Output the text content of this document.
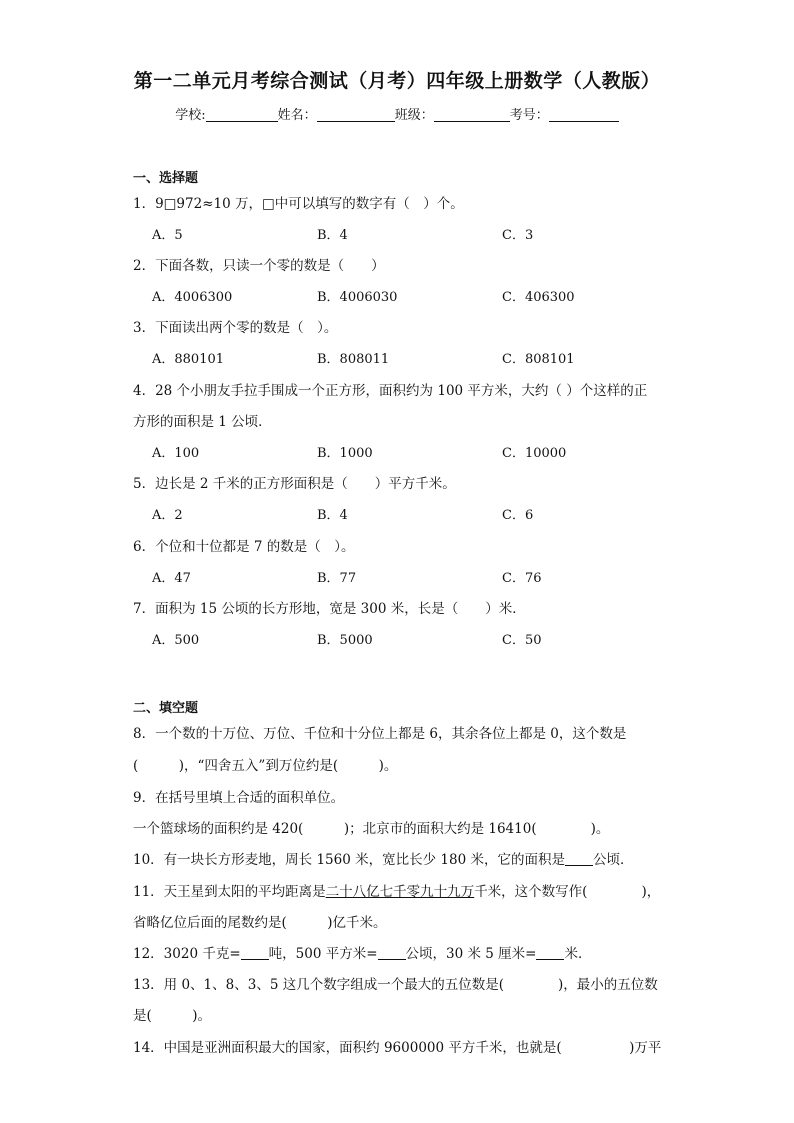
第一二单元月考综合测试（月考）四年级上册数学（人教版）
学校:	姓名：	班级：	考号：
一、选择题
1．9□972≈10 万，□中可以填写的数字有（　）个。
A．5	B．4	C．3
2．下面各数，只读一个零的数是（　　）
A．4006300	B．4006030	C．406300
3．下面读出两个零的数是（　）。
A．880101	B．808011	C．808101
4．28 个小朋友手拉手围成一个正方形，面积约为 100 平方米，大约（ ）个这样的正
方形的面积是 1 公顷．
A．100	B．1000	C．10000
5．边长是 2 千米的正方形面积是（　　）平方千米。
A．2	B．4	C．6
6．个位和十位都是 7 的数是（　）。
A．47	B．77	C．76
7．面积为 15 公顷的长方形地，宽是 300 米，长是（　　）米．
A．500	B．5000	C．50
二、填空题
8．一个数的十万位、万位、千位和十分位上都是 6，其余各位上都是 0，这个数是
(　　　)，“四舍五入”到万位约是(　　　)。
9．在括号里填上合适的面积单位。
一个篮球场的面积约是 420(　　　)；北京市的面积大约是 16410(　　　　)。
10．有一块长方形麦地，周长 1560 米，宽比长少 180 米，它的面积是 公顷．
11．天王星到太阳的平均距离是二十八亿七千零九十九万千米，这个数写作(　　　　)，
省略亿位后面的尾数约是(　　　)亿千米。
12．3020 千克= 吨，500 平方米= 公顷，30 米 5 厘米= 米．
13．用 0、1、8、3、5 这几个数字组成一个最大的五位数是(　　　　)，最小的五位数
是(　　　)。
14．中国是亚洲面积最大的国家，面积约 9600000 平方千米，也就是(　　　　　)万平
